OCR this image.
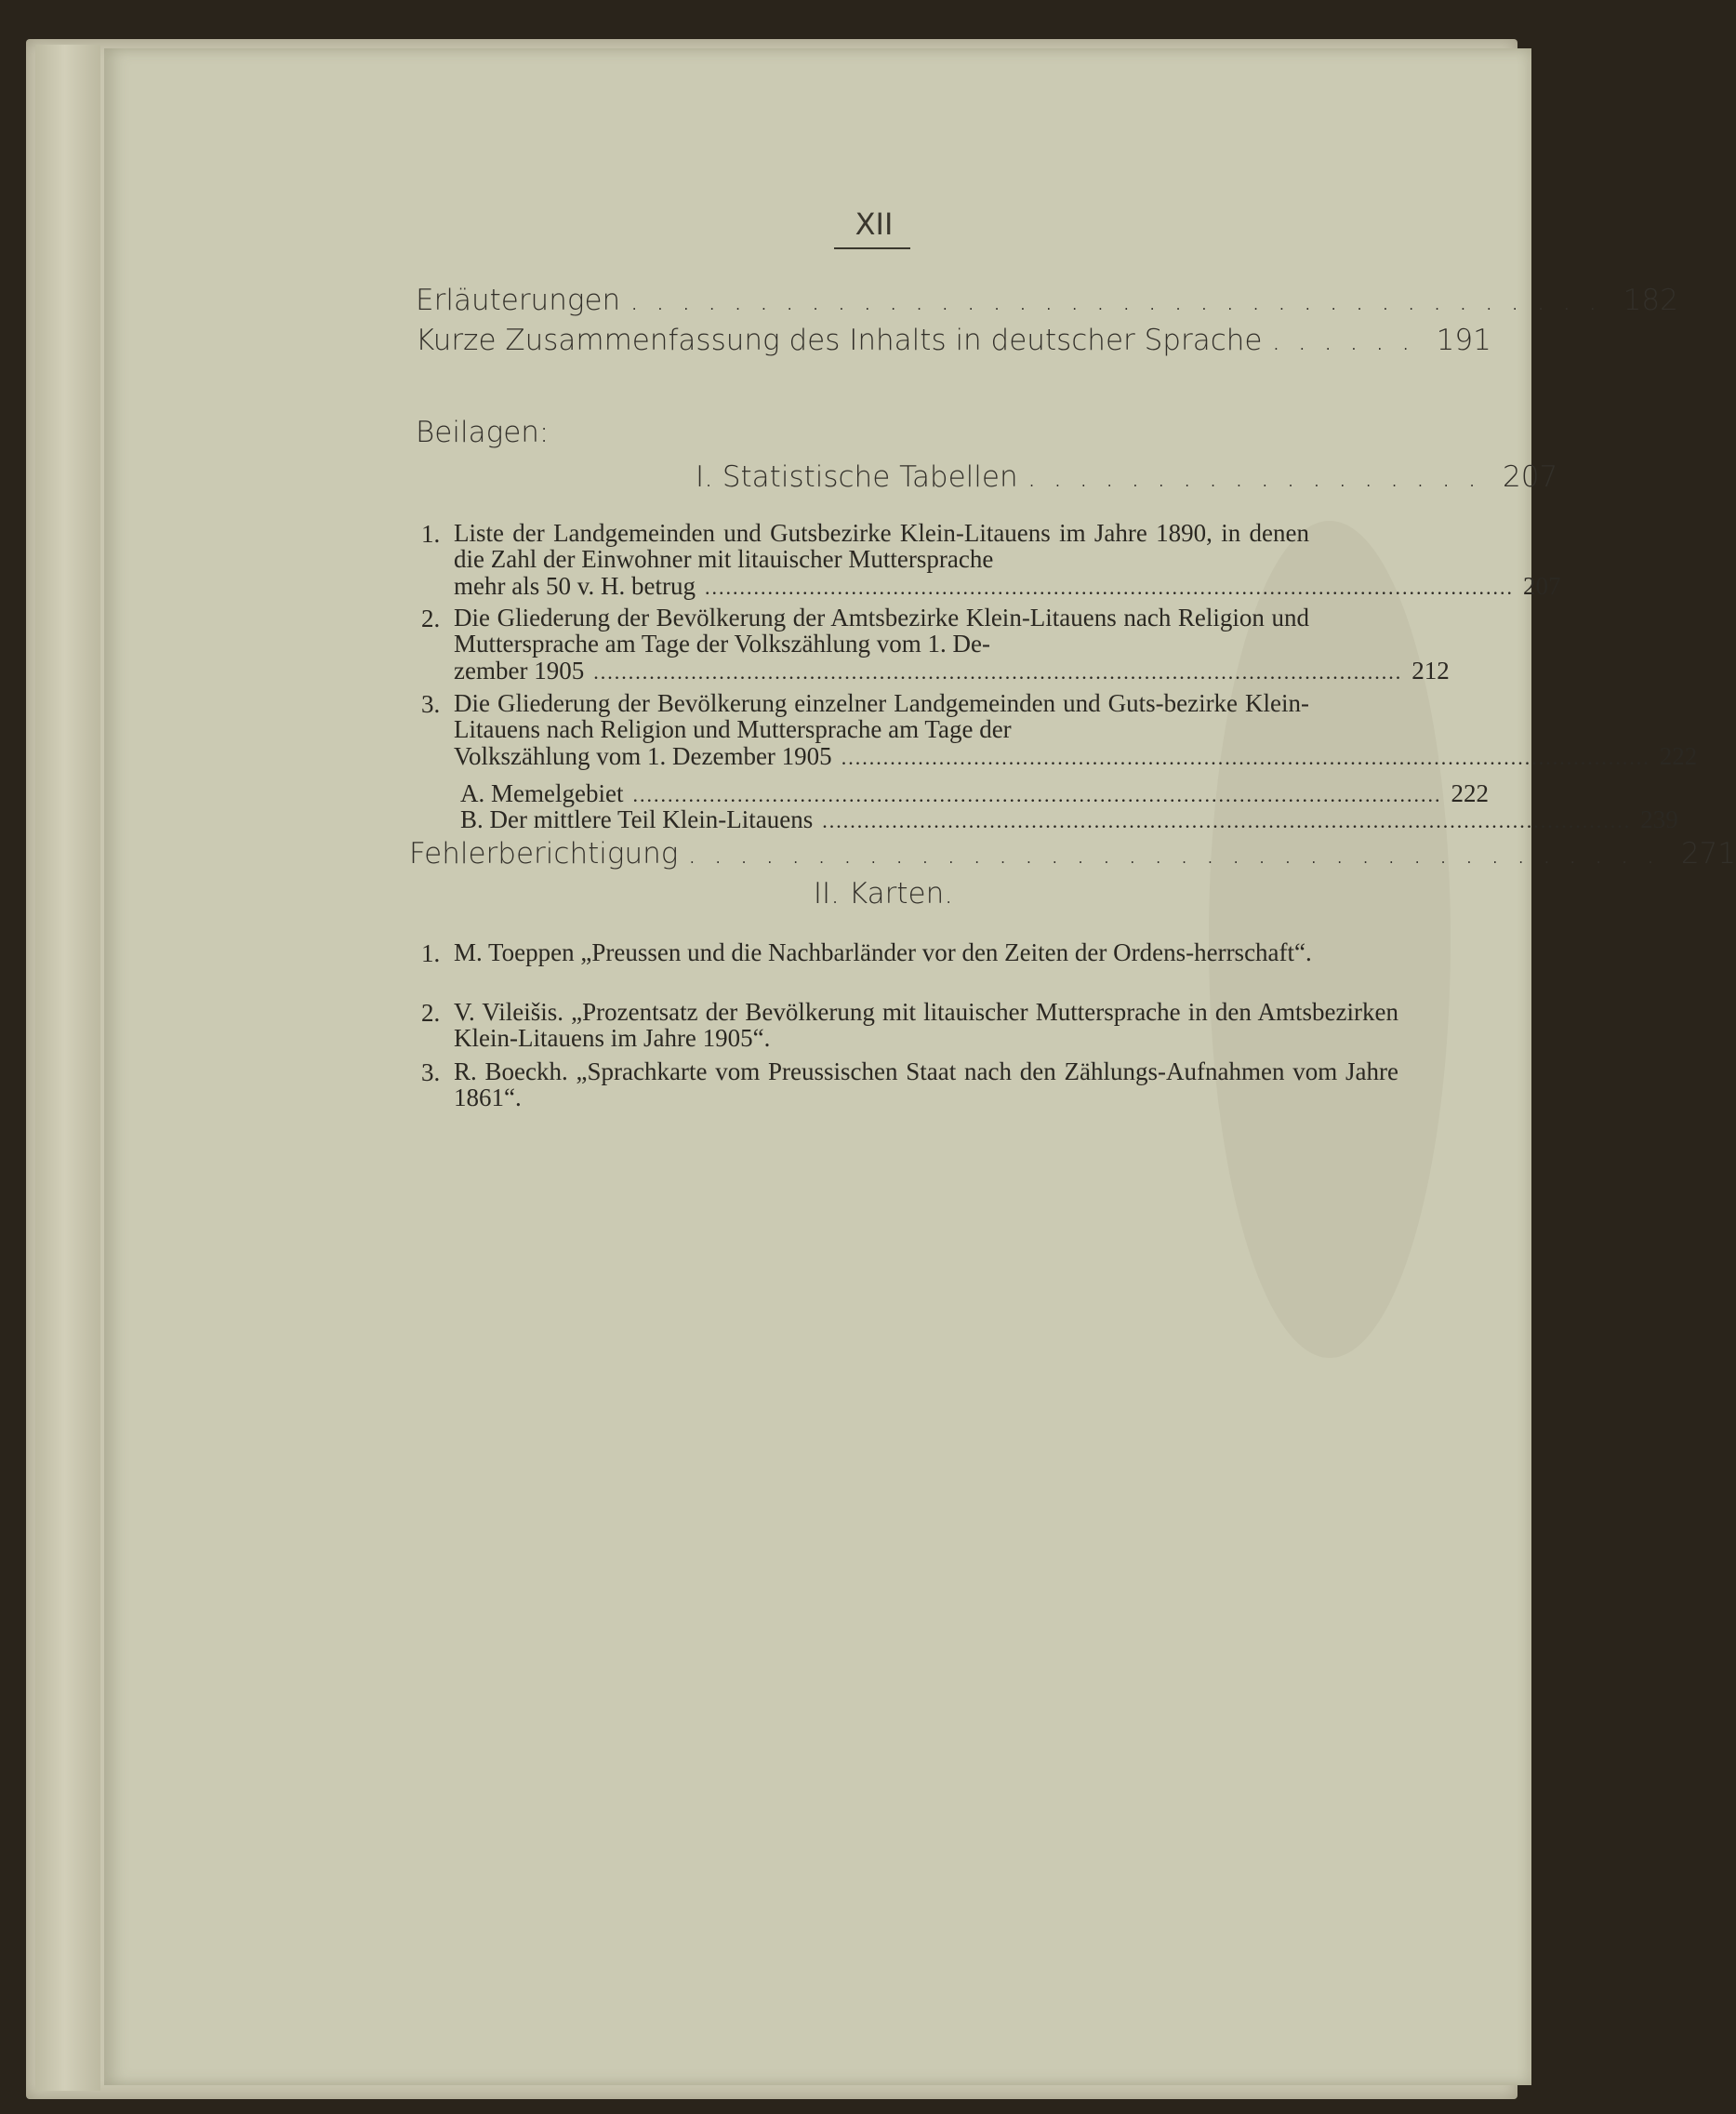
XII
Erläuterungen ...................................... 182
Kurze Zusammenfassung des Inhalts in deutscher Sprache ...... 191
Beilagen:
I. Statistische Tabellen .................. 207
1. Liste der Landgemeinden und Gutsbezirke Klein-Litauens im Jahre 1890, in denen die Zahl der Einwohner mit litauischer Muttersprache
mehr als 50 v. H. betrug .................................................................................................................... 207
2. Die Gliederung der Bevölkerung der Amtsbezirke Klein-Litauens nach Religion und Muttersprache am Tage der Volkszählung vom 1. De-
zember 1905 .................................................................................................................... 212
3. Die Gliederung der Bevölkerung einzelner Landgemeinden und Guts-bezirke Klein-Litauens nach Religion und Muttersprache am Tage der
Volkszählung vom 1. Dezember 1905 .................................................................................................................... 222
A. Memelgebiet .................................................................................................................... 222
B. Der mittlere Teil Klein-Litauens .................................................................................................................... 239
Fehlerberichtigung ...................................... 271
II. Karten.
1. M. Toeppen „Preussen und die Nachbarländer vor den Zeiten der Ordens-herrschaft“.
2. V. Vileišis. „Prozentsatz der Bevölkerung mit litauischer Muttersprache in den Amtsbezirken Klein-Litauens im Jahre 1905“.
3. R. Boeckh. „Sprachkarte vom Preussischen Staat nach den Zählungs-Aufnahmen vom Jahre 1861“.
